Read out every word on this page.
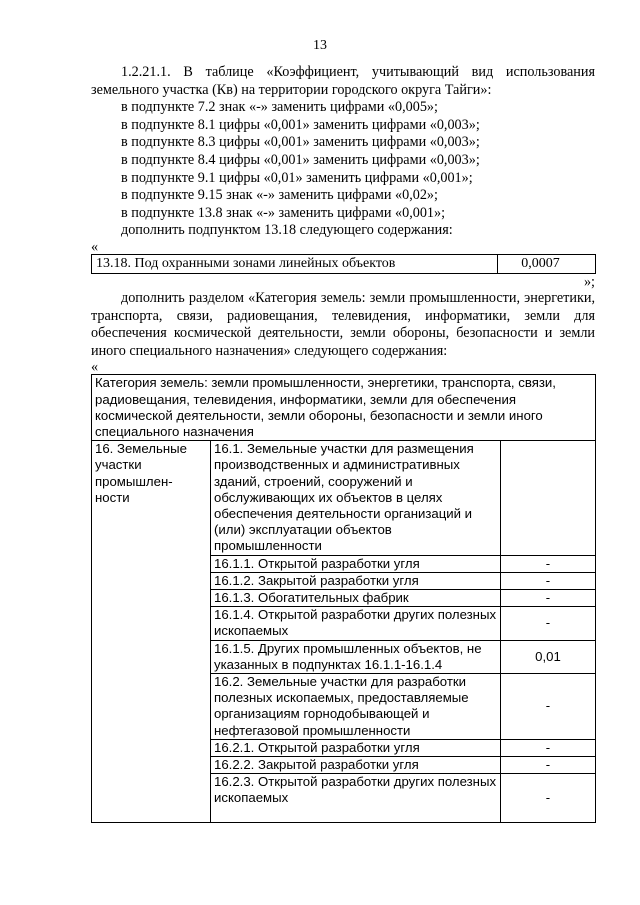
13

1.2.21.1. В таблице «Коэффициент, учитывающий вид использования земельного участка (Кв) на территории городского округа Тайги»:

в подпункте 7.2 знак «-» заменить цифрами «0,005»;

в подпункте 8.1 цифры «0,001» заменить цифрами «0,003»;

в подпункте 8.3 цифры «0,001» заменить цифрами «0,003»;

в подпункте 8.4 цифры «0,001» заменить цифрами «0,003»;

в подпункте 9.1 цифры «0,01» заменить цифрами «0,001»;

в подпункте 9.15 знак «-» заменить цифрами «0,02»;

в подпункте 13.8 знак «-» заменить цифрами «0,001»;

дополнить подпунктом 13.18 следующего содержания:

«

13.18. Под охранными зонами линейных объектов	0,0007

»;

дополнить разделом «Категория земель: земли промышленности, энергетики, транспорта, связи, радиовещания, телевидения, информатики, земли для обеспечения космической деятельности, земли обороны, безопасности и земли иного специального назначения» следующего содержания:

«

Категория земель: земли промышленности, энергетики, транспорта, связи, радиовещания, телевидения, информатики, земли для обеспечения космической деятельности, земли обороны, безопасности и земли иного специального назначения		
16. Земельные участки промышлен-ности	16.1. Земельные участки для размещения производственных и административных зданий, строений, сооружений и обслуживающих их объектов в целях обеспечения деятельности организаций и (или) эксплуатации объектов промышленности	
	16.1.1. Открытой разработки угля	-
	16.1.2. Закрытой разработки угля	-
	16.1.3. Обогатительных фабрик	-
	16.1.4. Открытой разработки других полезных ископаемых	-
	16.1.5. Других промышленных объектов, не указанных в подпунктах 16.1.1-16.1.4	0,01
	16.2. Земельные участки для разработки полезных ископаемых, предоставляемые организациям горнодобывающей и нефтегазовой промышленности	-
	16.2.1. Открытой разработки угля	-
	16.2.2. Закрытой разработки угля	-
	16.2.3. Открытой разработки других полезных ископаемых	-
